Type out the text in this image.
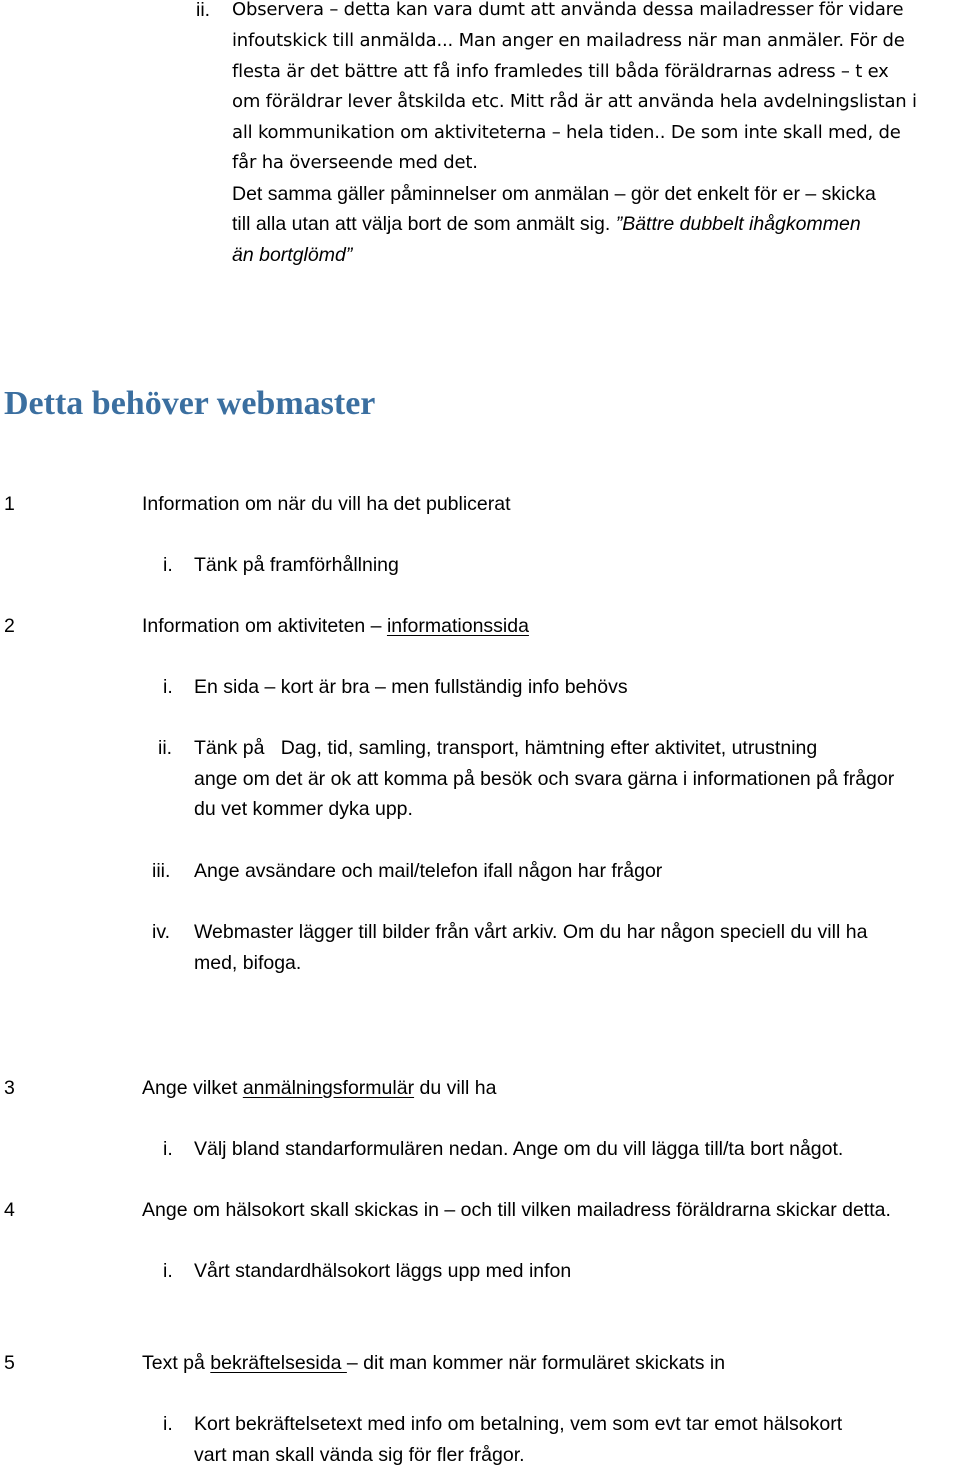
ii. Observera – detta kan vara dumt att använda dessa mailadresser för vidare
infoutskick till anmälda... Man anger en mailadress när man anmäler. För de
flesta är det bättre att få info framledes till båda föräldrarnas adress – t ex
om föräldrar lever åtskilda etc. Mitt råd är att använda hela avdelningslistan i
all kommunikation om aktiviteterna – hela tiden.. De som inte skall med, de
får ha överseende med det.
Det samma gäller påminnelser om anmälan – gör det enkelt för er – skicka
till alla utan att välja bort de som anmält sig. ”Bättre dubbelt ihågkommen
än bortglömd”
Detta behöver webmaster
1	Information om när du vill ha det publicerat
i. Tänk på framförhållning
2	Information om aktiviteten – informationssida
i. En sida – kort är bra – men fullständig info behövs
ii. Tänk på   Dag, tid, samling, transport, hämtning efter aktivitet, utrustning
ange om det är ok att komma på besök och svara gärna i informationen på frågor
du vet kommer dyka upp.
iii. Ange avsändare och mail/telefon ifall någon har frågor
iv. Webmaster lägger till bilder från vårt arkiv. Om du har någon speciell du vill ha
med, bifoga.
3	Ange vilket anmälningsformulär du vill ha
i. Välj bland standarformulären nedan. Ange om du vill lägga till/ta bort något.
4	Ange om hälsokort skall skickas in – och till vilken mailadress föräldrarna skickar detta.
i. Vårt standardhälsokort läggs upp med infon
5	Text på bekräftelsesida – dit man kommer när formuläret skickats in
i. Kort bekräftelsetext med info om betalning, vem som evt tar emot hälsokort
vart man skall vända sig för fler frågor.
